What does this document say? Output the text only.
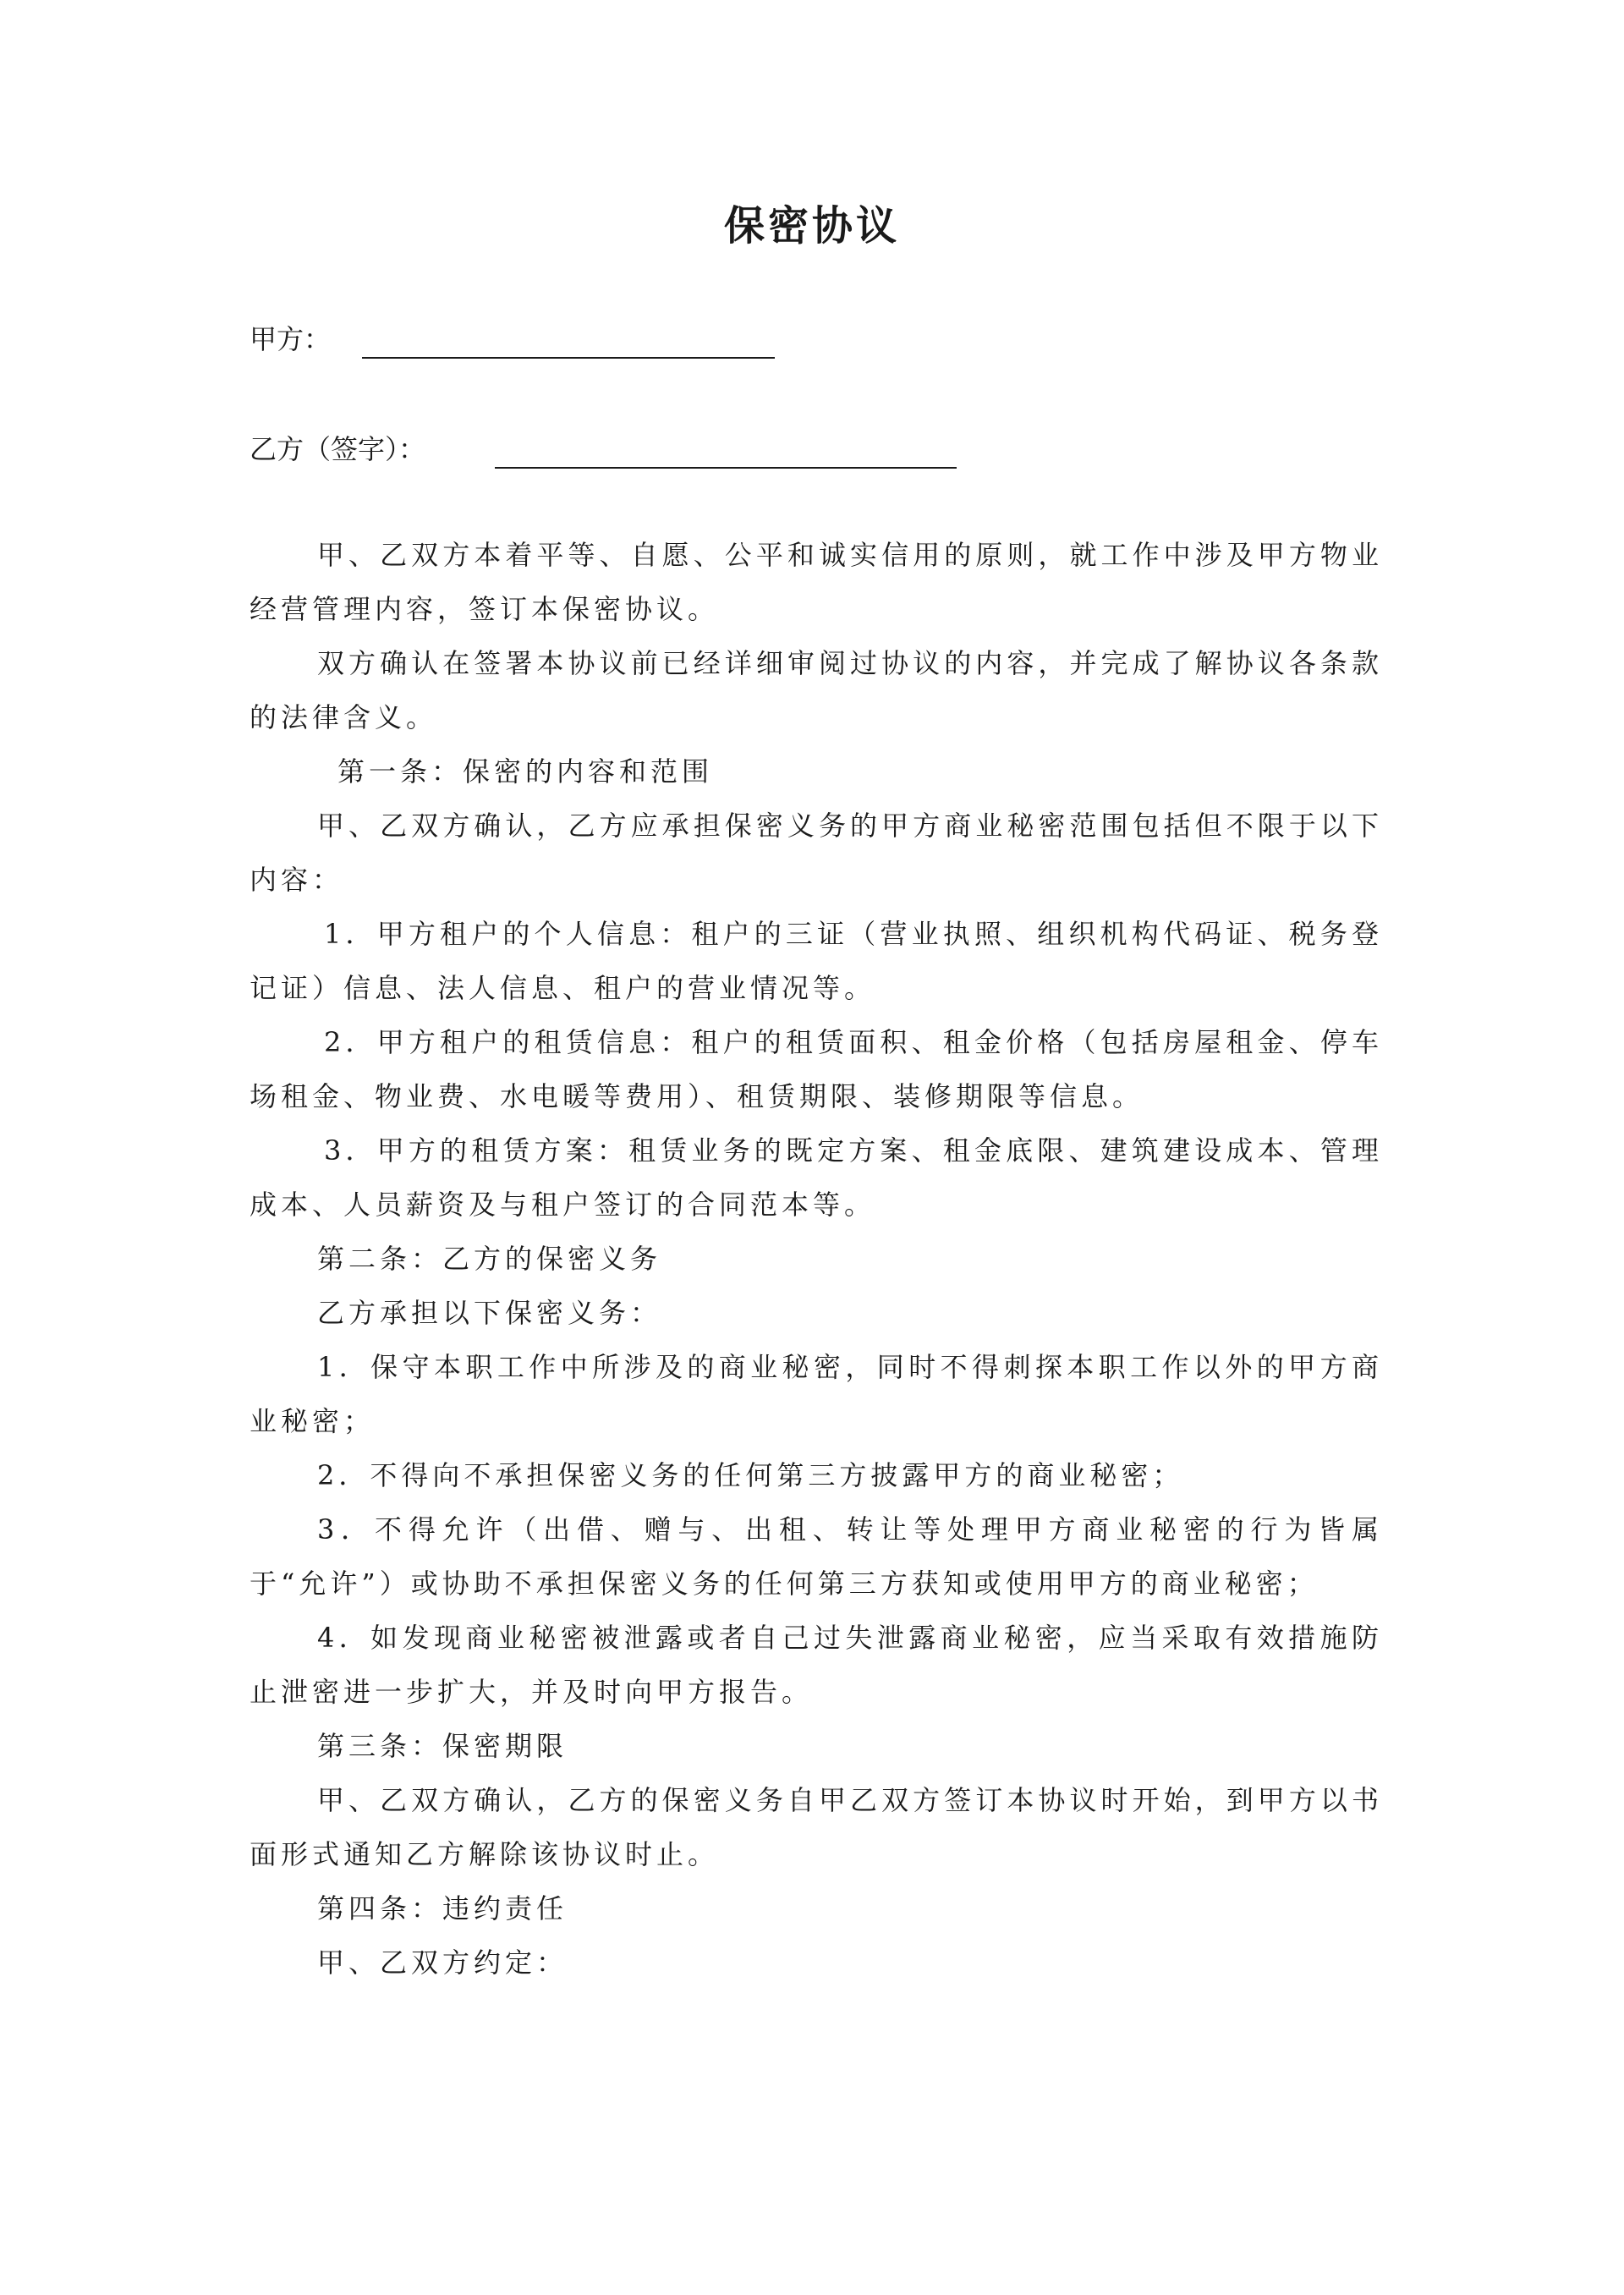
保密协议
甲方：
乙方（签字）：

甲、乙双方本着平等、自愿、公平和诚实信用的原则，就工作中涉及甲方物业经营管理内容，签订本保密协议。

双方确认在签署本协议前已经详细审阅过协议的内容，并完成了解协议各条款的法律含义。

第一条：保密的内容和范围

甲、乙双方确认，乙方应承担保密义务的甲方商业秘密范围包括但不限于以下内容：

1．甲方租户的个人信息：租户的三证（营业执照、组织机构代码证、税务登记证）信息、法人信息、租户的营业情况等。

2．甲方租户的租赁信息：租户的租赁面积、租金价格（包括房屋租金、停车场租金、物业费、水电暖等费用）、租赁期限、装修期限等信息。

3．甲方的租赁方案：租赁业务的既定方案、租金底限、建筑建设成本、管理成本、人员薪资及与租户签订的合同范本等。

第二条：乙方的保密义务

乙方承担以下保密义务：

1．保守本职工作中所涉及的商业秘密，同时不得刺探本职工作以外的甲方商业秘密；

2．不得向不承担保密义务的任何第三方披露甲方的商业秘密；

3．不得允许（出借、赠与、出租、转让等处理甲方商业秘密的行为皆属于“允许”）或协助不承担保密义务的任何第三方获知或使用甲方的商业秘密；

4．如发现商业秘密被泄露或者自己过失泄露商业秘密，应当采取有效措施防止泄密进一步扩大，并及时向甲方报告。

第三条：保密期限

甲、乙双方确认，乙方的保密义务自甲乙双方签订本协议时开始，到甲方以书面形式通知乙方解除该协议时止。

第四条：违约责任

甲、乙双方约定：
